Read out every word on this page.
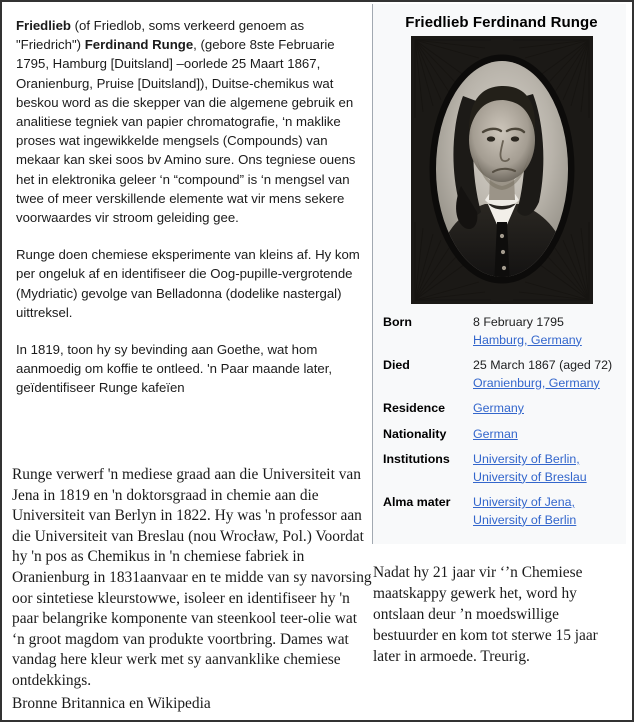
Friedlieb (of Friedlob, soms verkeerd genoem as "Friedrich") Ferdinand Runge, (gebore 8ste Februarie 1795, Hamburg [Duitsland] –oorlede 25 Maart 1867, Oranienburg, Pruise [Duitsland]), Duitse-chemikus wat beskou word as die skepper van die algemene gebruik en analitiese tegniek van papier chromatografie, ‘n maklike proses wat ingewikkelde mengsels (Compounds) van mekaar kan skei soos bv Amino sure. Ons tegniese ouens het in elektronika geleer ‘n “compound” is ‘n mengsel van twee of meer verskillende elemente wat vir mens sekere voorwaardes vir stroom geleiding gee.

Runge doen chemiese eksperimente van kleins af. Hy kom per ongeluk af en identifiseer die Oog-pupille-vergrotende (Mydriatic) gevolge van Belladonna (dodelike nastergal) uittreksel.

In 1819, toon hy sy bevinding aan Goethe, wat hom aanmoedig om koffie te ontleed. 'n Paar maande later, geïdentifiseer Runge kafeïen

Runge verwerf 'n mediese graad aan die Universiteit van Jena in 1819 en 'n doktorsgraad in chemie aan die Universiteit van Berlyn in 1822. Hy was 'n professor aan die Universiteit van Breslau (nou Wrocław, Pol.) Voordat hy 'n pos as Chemikus in 'n chemiese fabriek in Oranienburg in 1831aanvaar en te midde van sy navorsing oor sintetiese kleurstowwe, isoleer en identifiseer hy 'n paar belangrike komponente van steenkool teer-olie wat ‘n groot magdom van produkte voortbring. Dames wat vandag here kleur werk met sy aanvanklike chemiese ontdekkings.

Bronne Britannica en Wikipedia
Friedlieb Ferdinand Runge
Born	8 February 1795
Hamburg, Germany
Died	25 March 1867 (aged 72)
Oranienburg, Germany
Residence	Germany
Nationality	German
Institutions	University of Berlin, University of Breslau
Alma mater	University of Jena, University of Berlin
Nadat hy 21 jaar vir ‘’n Chemiese maatskappy gewerk het, word hy ontslaan deur ’n moedswillige bestuurder en kom tot sterwe 15 jaar later in armoede. Treurig.
